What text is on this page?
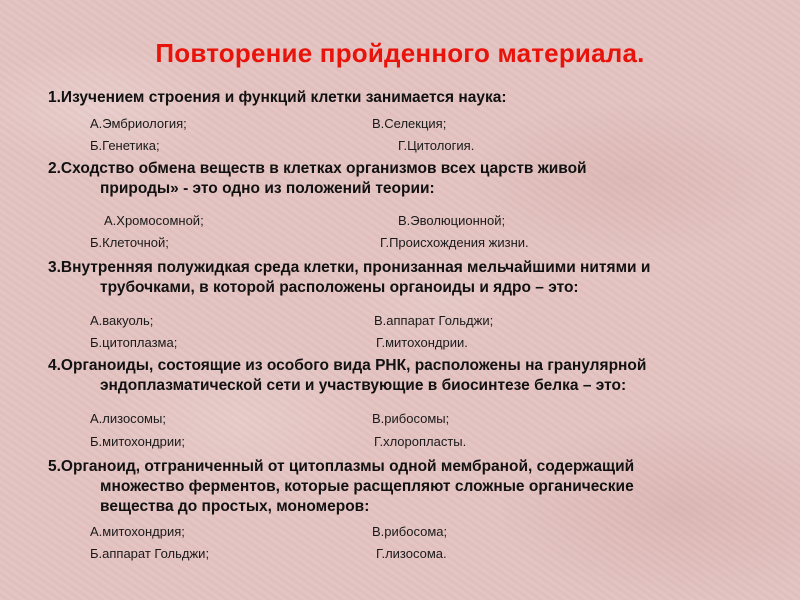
Повторение пройденного материала.
1.Изучением строения и функций клетки занимается наука:
А.Эмбриология;	В.Селекция;
Б.Генетика;	Г.Цитология.
2.Сходство обмена веществ в клетках организмов всех царств живой
природы» - это одно из положений теории:
А.Хромосомной;	В.Эволюционной;
Б.Клеточной;	Г.Происхождения жизни.
3.Внутренняя полужидкая среда клетки, пронизанная мельчайшими нитями и
трубочками, в которой расположены органоиды и ядро – это:
А.вакуоль;	В.аппарат Гольджи;
Б.цитоплазма;	Г.митохондрии.
4.Органоиды, состоящие из особого вида РНК, расположены на гранулярной
эндоплазматической сети и участвующие в биосинтезе белка – это:
А.лизосомы;	В.рибосомы;
Б.митохондрии;	Г.хлоропласты.
5.Органоид, отграниченный от цитоплазмы одной мембраной, содержащий
множество ферментов, которые расщепляют сложные органические
вещества до простых, мономеров:
А.митохондрия;	В.рибосома;
Б.аппарат Гольджи;	Г.лизосома.
